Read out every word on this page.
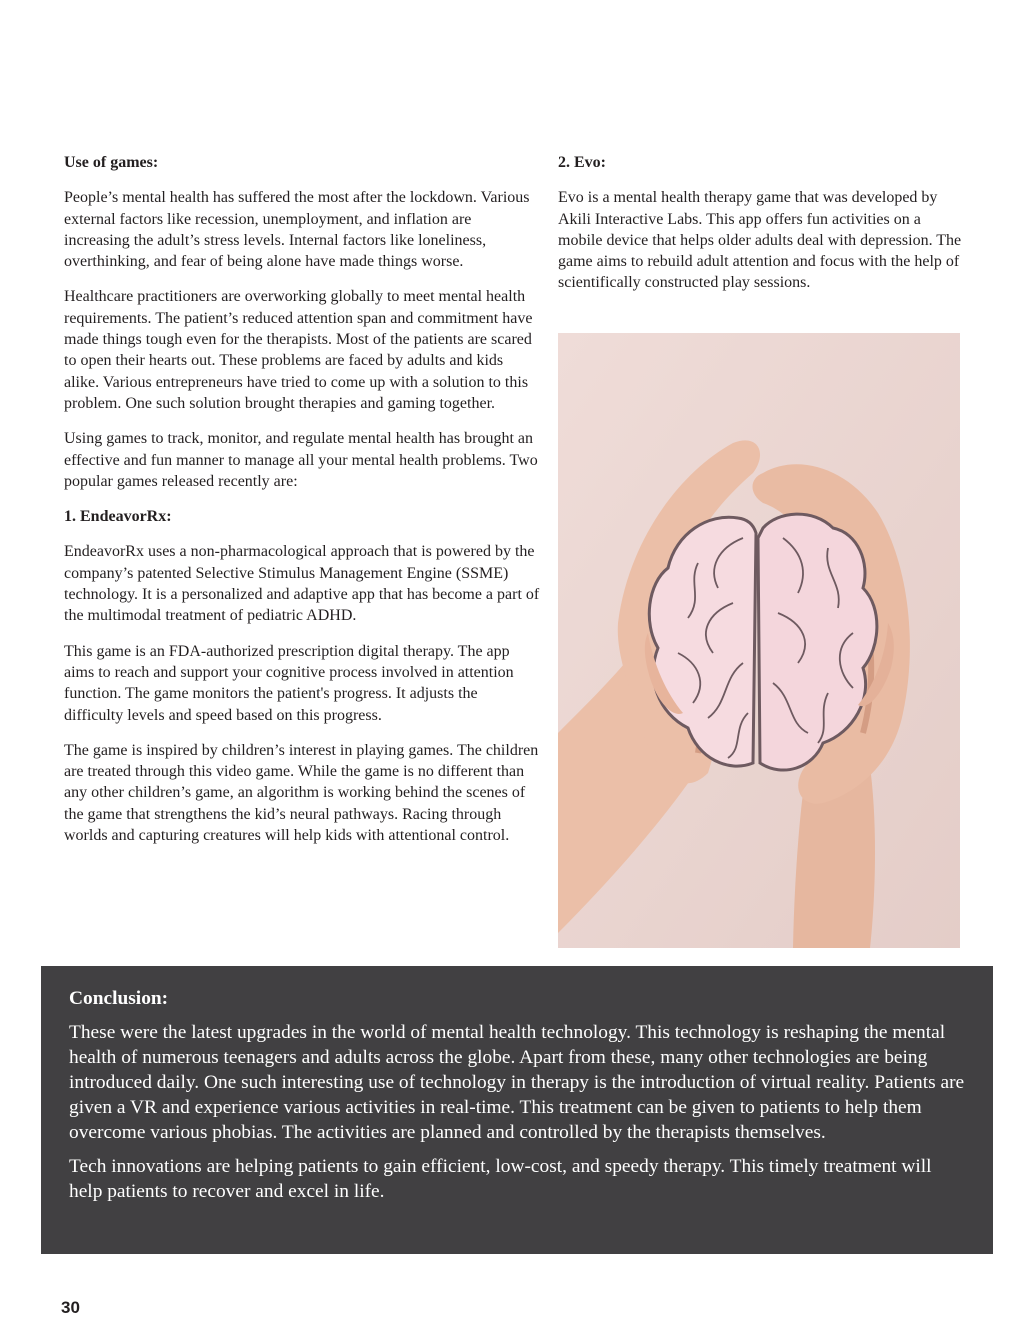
Use of games:

People’s mental health has suffered the most after the lockdown. Various external factors like recession, unemployment, and inflation are increasing the adult’s stress levels. Internal factors like loneliness, overthinking, and fear of being alone have made things worse.

Healthcare practitioners are overworking globally to meet mental health requirements. The patient’s reduced attention span and commitment have made things tough even for the therapists. Most of the patients are scared to open their hearts out. These problems are faced by adults and kids alike. Various entrepreneurs have tried to come up with a solution to this problem. One such solution brought therapies and gaming together.

Using games to track, monitor, and regulate mental health has brought an effective and fun manner to manage all your mental health problems. Two popular games released recently are:

1. EndeavorRx:

EndeavorRx uses a non-pharmacological approach that is powered by the company’s patented Selective Stimulus Management Engine (SSME) technology. It is a personalized and adaptive app that has become a part of the multimodal treatment of pediatric ADHD.

This game is an FDA-authorized prescription digital therapy. The app aims to reach and support your cognitive process involved in attention function. The game monitors the patient's progress. It adjusts the difficulty levels and speed based on this progress.

The game is inspired by children’s interest in playing games. The children are treated through this video game. While the game is no different than any other children’s game, an algorithm is working behind the scenes of the game that strengthens the kid’s neural pathways. Racing through worlds and capturing creatures will help kids with attentional control.

2. Evo:

Evo is a mental health therapy game that was developed by Akili Interactive Labs. This app offers fun activities on a mobile device that helps older adults deal with depression. The game aims to rebuild adult attention and focus with the help of scientifically constructed play sessions.

Conclusion:

These were the latest upgrades in the world of mental health technology. This technology is reshaping the mental health of numerous teenagers and adults across the globe. Apart from these, many other technologies are being introduced daily. One such interesting use of technology in therapy is the introduction of virtual reality. Patients are given a VR and experience various activities in real-time. This treatment can be given to patients to help them overcome various phobias. The activities are planned and controlled by the therapists themselves.

Tech innovations are helping patients to gain efficient, low-cost, and speedy therapy. This timely treatment will help patients to recover and excel in life.

30
